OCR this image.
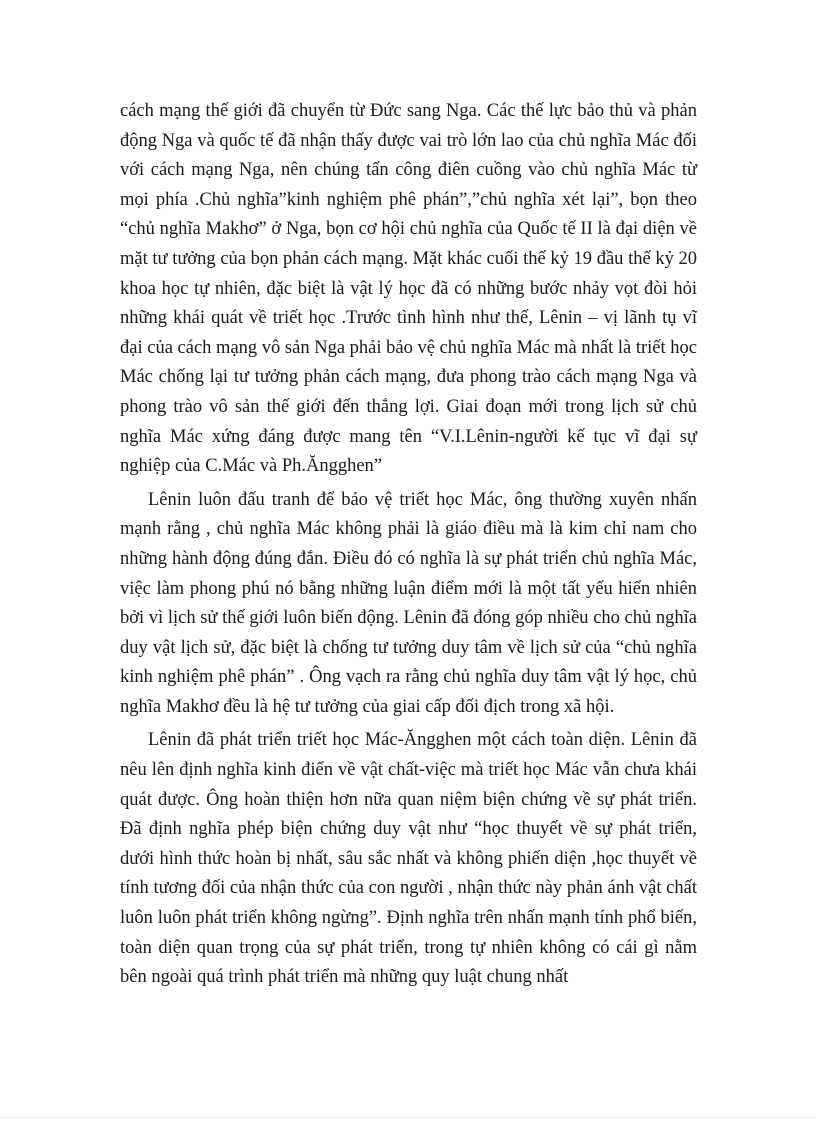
cách mạng thế giới đã chuyển từ Đức sang Nga. Các thế lực bảo thủ và phản động Nga và quốc tế đã nhận thấy được vai trò lớn lao của chủ nghĩa Mác đối với cách mạng Nga, nên chúng tấn công điên cuồng vào chủ nghĩa Mác từ mọi phía .Chủ nghĩa”kinh nghiệm phê phán”,”chủ nghĩa xét lại”, bọn theo “chủ nghĩa Makhơ” ở Nga, bọn cơ hội chủ nghĩa của Quốc tế II là đại diện về mặt tư tưởng của bọn phản cách mạng. Mặt khác cuối thế kỷ 19 đầu thế kỷ 20 khoa học tự nhiên, đặc biệt là vật lý học đã có những bước nhảy vọt đòi hỏi những khái quát về triết học .Trước tình hình như thế, Lênin – vị lãnh tụ vĩ đại của cách mạng vô sản Nga phải bảo vệ chủ nghĩa Mác mà nhất là triết học Mác chống lại tư tưởng phản cách mạng, đưa phong trào cách mạng Nga và phong trào vô sản thế giới đến thắng lợi. Giai đoạn mới trong lịch sử chủ nghĩa Mác xứng đáng được mang tên “V.I.Lênin-người kế tục vĩ đại sự nghiệp của C.Mác và Ph.Ăngghen”

Lênin luôn đấu tranh để bảo vệ triết học Mác, ông thường xuyên nhấn mạnh rằng , chủ nghĩa Mác không phải là giáo điều mà là kim chỉ nam cho những hành động đúng đắn. Điều đó có nghĩa là sự phát triển chủ nghĩa Mác, việc làm phong phú nó bằng những luận điểm mới là một tất yếu hiển nhiên bởi vì lịch sử thế giới luôn biến động. Lênin đã đóng góp nhiều cho chủ nghĩa duy vật lịch sử, đặc biệt là chống tư tưởng duy tâm về lịch sử của “chủ nghĩa kinh nghiệm phê phán” . Ông vạch ra rằng chủ nghĩa duy tâm vật lý học, chủ nghĩa Makhơ đều là hệ tư tưởng của giai cấp đối địch trong xã hội.

Lênin đã phát triển triết học Mác-Ăngghen một cách toàn diện. Lênin đã nêu lên định nghĩa kinh điển về vật chất-việc mà triết học Mác vẫn chưa khái quát được. Ông hoàn thiện hơn nữa quan niệm biện chứng về sự phát triển. Đã định nghĩa phép biện chứng duy vật như “học thuyết về sự phát triển, dưới hình thức hoàn bị nhất, sâu sắc nhất và không phiến diện ,học thuyết về tính tương đối của nhận thức của con người , nhận thức này phản ánh vật chất luôn luôn phát triển không ngừng”. Định nghĩa trên nhấn mạnh tính phổ biến, toàn diện quan trọng của sự phát triển, trong tự nhiên không có cái gì nằm bên ngoài quá trình phát triển mà những quy luật chung nhất
